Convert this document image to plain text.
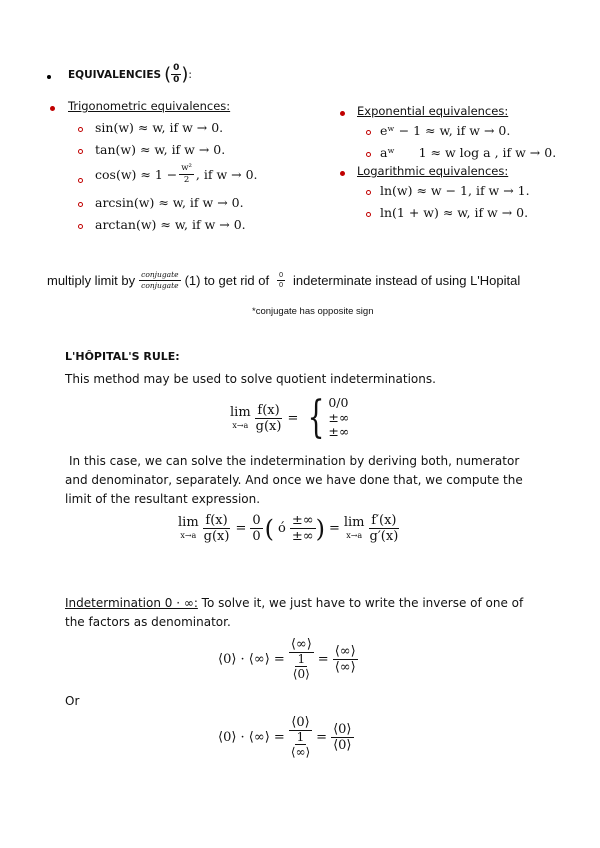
EQUIVALENCIES ( $\frac{0}{0}$ ) :
Trigonometric equivalences:
sin(w) ≈ w, if w → 0.
tan(w) ≈ w, if w → 0.
$\cos(w) \approx 1 - \frac{\text{w²}}{2}$ , if w → 0.
arcsin(w) ≈ w, if w → 0.
arctan(w) ≈ w, if w → 0.
Exponential equivalences:
eʷ − 1 ≈ w, if w → 0.
aʷ      1 ≈ w log a , if w → 0.
Logarithmic equivalences:
ln(w) ≈ w − 1, if w → 1.
ln(1 + w) ≈ w, if w → 0.
multiply limit by $\frac{\text{conjugate}}{\text{conjugate}} (1)$ to get rid of $\frac{0}{0}$ indeterminate instead of using L'Hopital
*conjugate has opposite sign
L'HÔPITAL'S RULE:
This method may be used to solve quotient indeterminations.
lim
$x\to a \frac{f(x)}{g(x)}$ = { 0/0
±∞
±∞
In this case, we can solve the indetermination by deriving both, numerator and denominator, separately. And once we have done that, we compute the limit of the resultant expression.
lim
$x\to a \frac{f(x)}{g(x)} = \frac{0}{0}$ ( ó $\frac{\pm\infty}{\pm\infty}$ ) = lim
$x\to a \frac{f'(x)}{g'(x)}$
Indetermination 0 · ∞: To solve it, we just have to write the inverse of one of the factors as denominator.
⟨0⟩ · ⟨∞⟩ = $\frac{⟨\infty⟩}{\frac{1}{⟨0⟩}} = \frac{⟨\infty⟩}{⟨\infty⟩}$
Or
⟨0⟩ · ⟨∞⟩ = $\frac{⟨0⟩}{\frac{1}{⟨\infty⟩}} = \frac{⟨0⟩}{⟨0⟩}$
